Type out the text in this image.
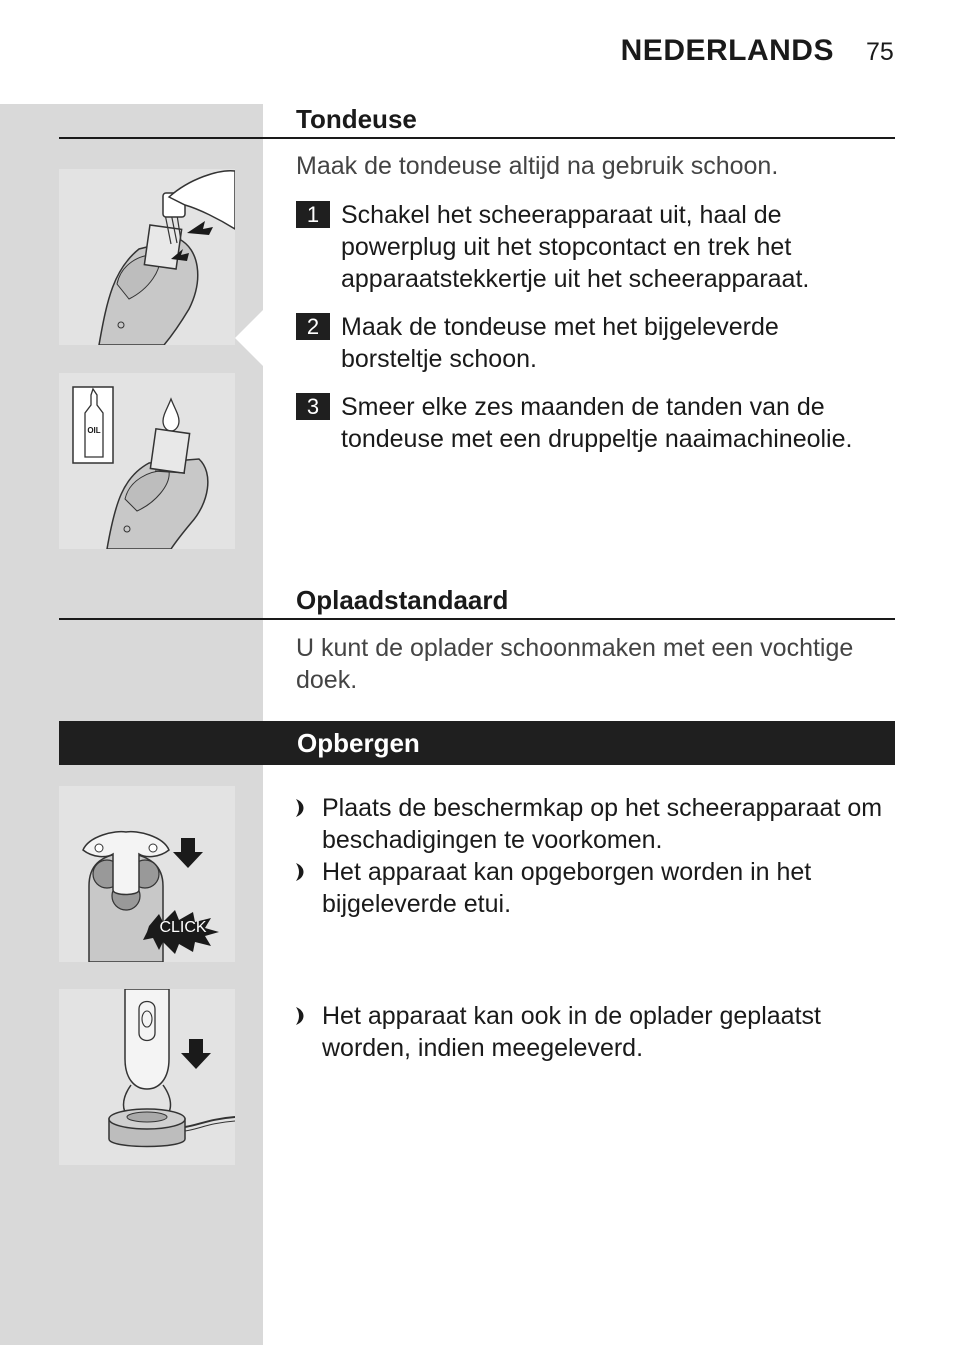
NEDERLANDS 75
Tondeuse
Maak de tondeuse altijd na gebruik schoon.
1 Schakel het scheerapparaat uit, haal de powerplug uit het stopcontact en trek het apparaatstekkertje uit het scheerapparaat.
2 Maak de tondeuse met het bijgeleverde borsteltje schoon.
3 Smeer elke zes maanden de tanden van de tondeuse met een druppeltje naaimachineolie.
OIL
Oplaadstandaard
U kunt de oplader schoonmaken met een vochtige doek.
Opbergen
Plaats de beschermkap op het scheerapparaat om beschadigingen te voorkomen.
Het apparaat kan opgeborgen worden in het bijgeleverde etui.
Het apparaat kan ook in de oplader geplaatst worden, indien meegeleverd.
CLICK
